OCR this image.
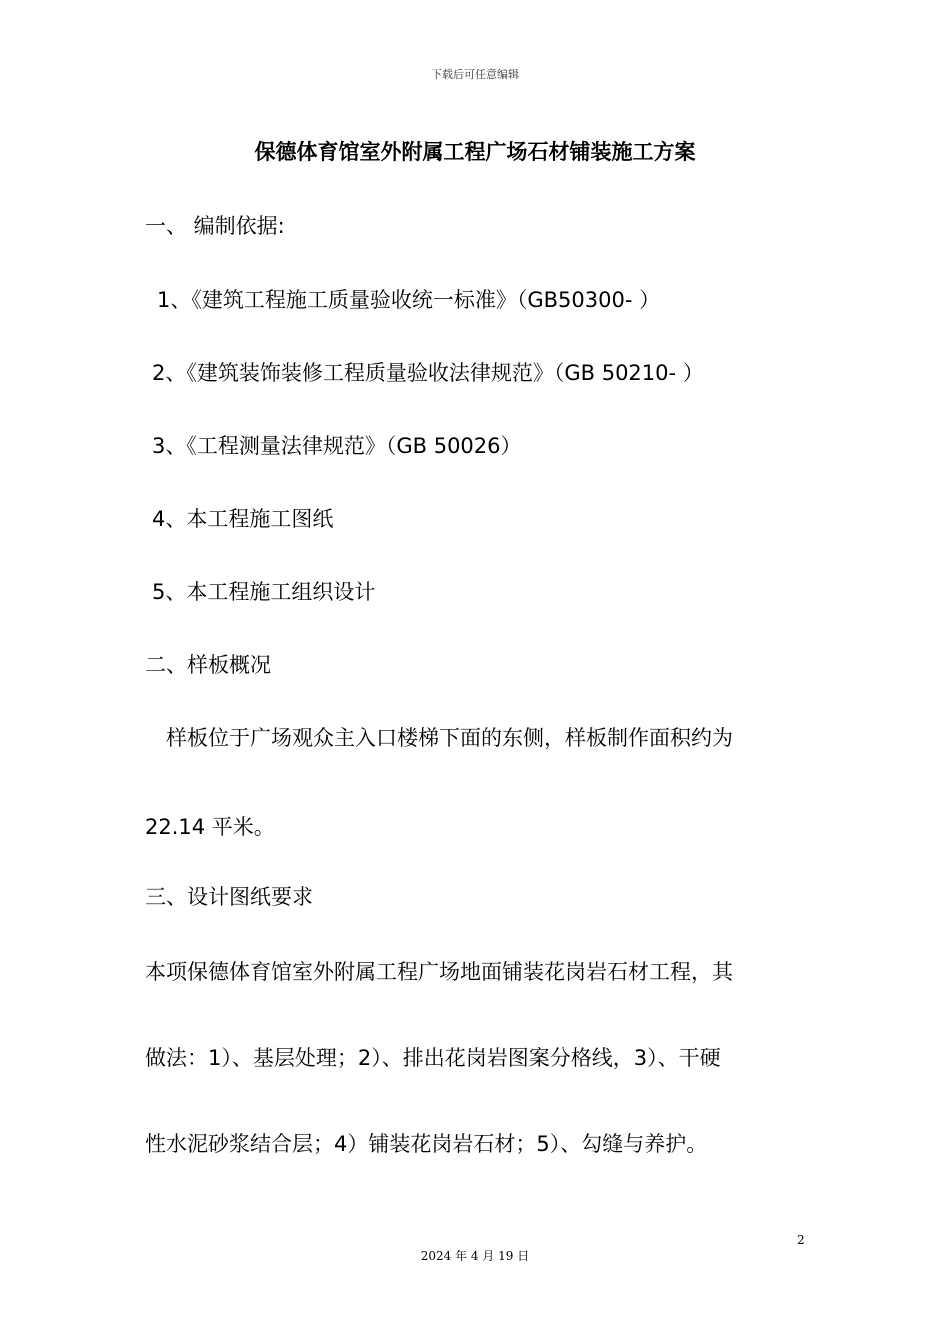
下载后可任意编辑
保德体育馆室外附属工程广场石材铺装施工方案
一、 编制依据:
1、《建筑工程施工质量验收统一标准》（GB50300- ）
2、《建筑装饰装修工程质量验收法律规范》（GB 50210- ）
3、《工程测量法律规范》（GB 50026）
4、本工程施工图纸
5、本工程施工组织设计
二、样板概况
样板位于广场观众主入口楼梯下面的东侧，样板制作面积约为
22.14 平米。
三、设计图纸要求
本项保德体育馆室外附属工程广场地面铺装花岗岩石材工程，其
做法：1）、基层处理；2）、排出花岗岩图案分格线，3）、干硬
性水泥砂浆结合层；4）铺装花岗岩石材；5）、勾缝与养护。
2
2024 年 4 月 19 日
